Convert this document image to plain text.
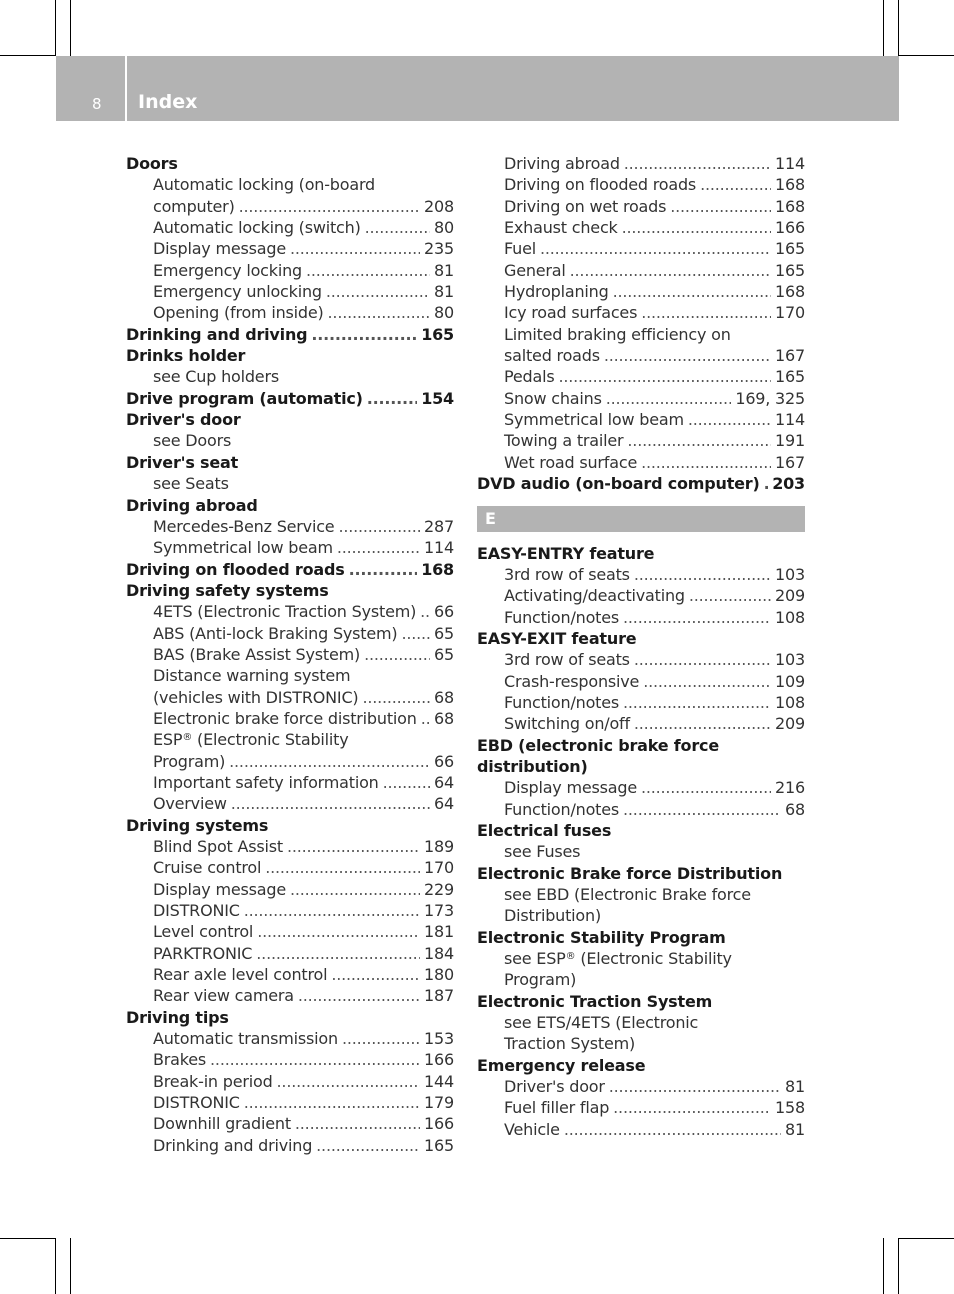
8 Index
Doors
Automatic locking (on-board
computer) .....	208
Automatic locking (switch) .....	80
Display message .....	235
Emergency locking .....	81
Emergency unlocking .....	81
Opening (from inside) .....	80
Drinking and driving .....	165
Drinks holder
see Cup holders
Drive program (automatic) .....	154
Driver's door
see Doors
Driver's seat
see Seats
Driving abroad
Mercedes-Benz Service .....	287
Symmetrical low beam .....	114
Driving on flooded roads .....	168
Driving safety systems
4ETS (Electronic Traction System) ..... 66
ABS (Anti-lock Braking System) ..... 65
BAS (Brake Assist System) .....	65
Distance warning system
(vehicles with DISTRONIC) .....	68
Electronic brake force distribution ..... 68
ESP® (Electronic Stability
Program) .....	66
Important safety information .....	64
Overview .....	64
Driving systems
Blind Spot Assist .....	189
Cruise control .....	170
Display message .....	229
DISTRONIC .....	173
Level control .....	181
PARKTRONIC .....	184
Rear axle level control .....	180
Rear view camera .....	187
Driving tips
Automatic transmission .....	153
Brakes .....	166
Break-in period .....	144
DISTRONIC .....	179
Downhill gradient .....	166
Drinking and driving .....	165
Driving abroad .....	114
Driving on flooded roads .....	168
Driving on wet roads .....	168
Exhaust check .....	166
Fuel .....	165
General .....	165
Hydroplaning .....	168
Icy road surfaces .....	170
Limited braking efficiency on
salted roads .....	167
Pedals .....	165
Snow chains .....	169, 325
Symmetrical low beam .....	114
Towing a trailer .....	191
Wet road surface .....	167
DVD audio (on-board computer) ..... 203
E
EASY-ENTRY feature
3rd row of seats .....	103
Activating/deactivating .....	209
Function/notes .....	108
EASY-EXIT feature
3rd row of seats .....	103
Crash-responsive .....	109
Function/notes .....	108
Switching on/off .....	209
EBD (electronic brake force
distribution)
Display message .....	216
Function/notes .....	68
Electrical fuses
see Fuses
Electronic Brake force Distribution
see EBD (Electronic Brake force
Distribution)
Electronic Stability Program
see ESP® (Electronic Stability Program)
Electronic Traction System
see ETS/4ETS (Electronic
Traction System)
Emergency release
Driver's door .....	81
Fuel filler flap .....	158
Vehicle .....	81
